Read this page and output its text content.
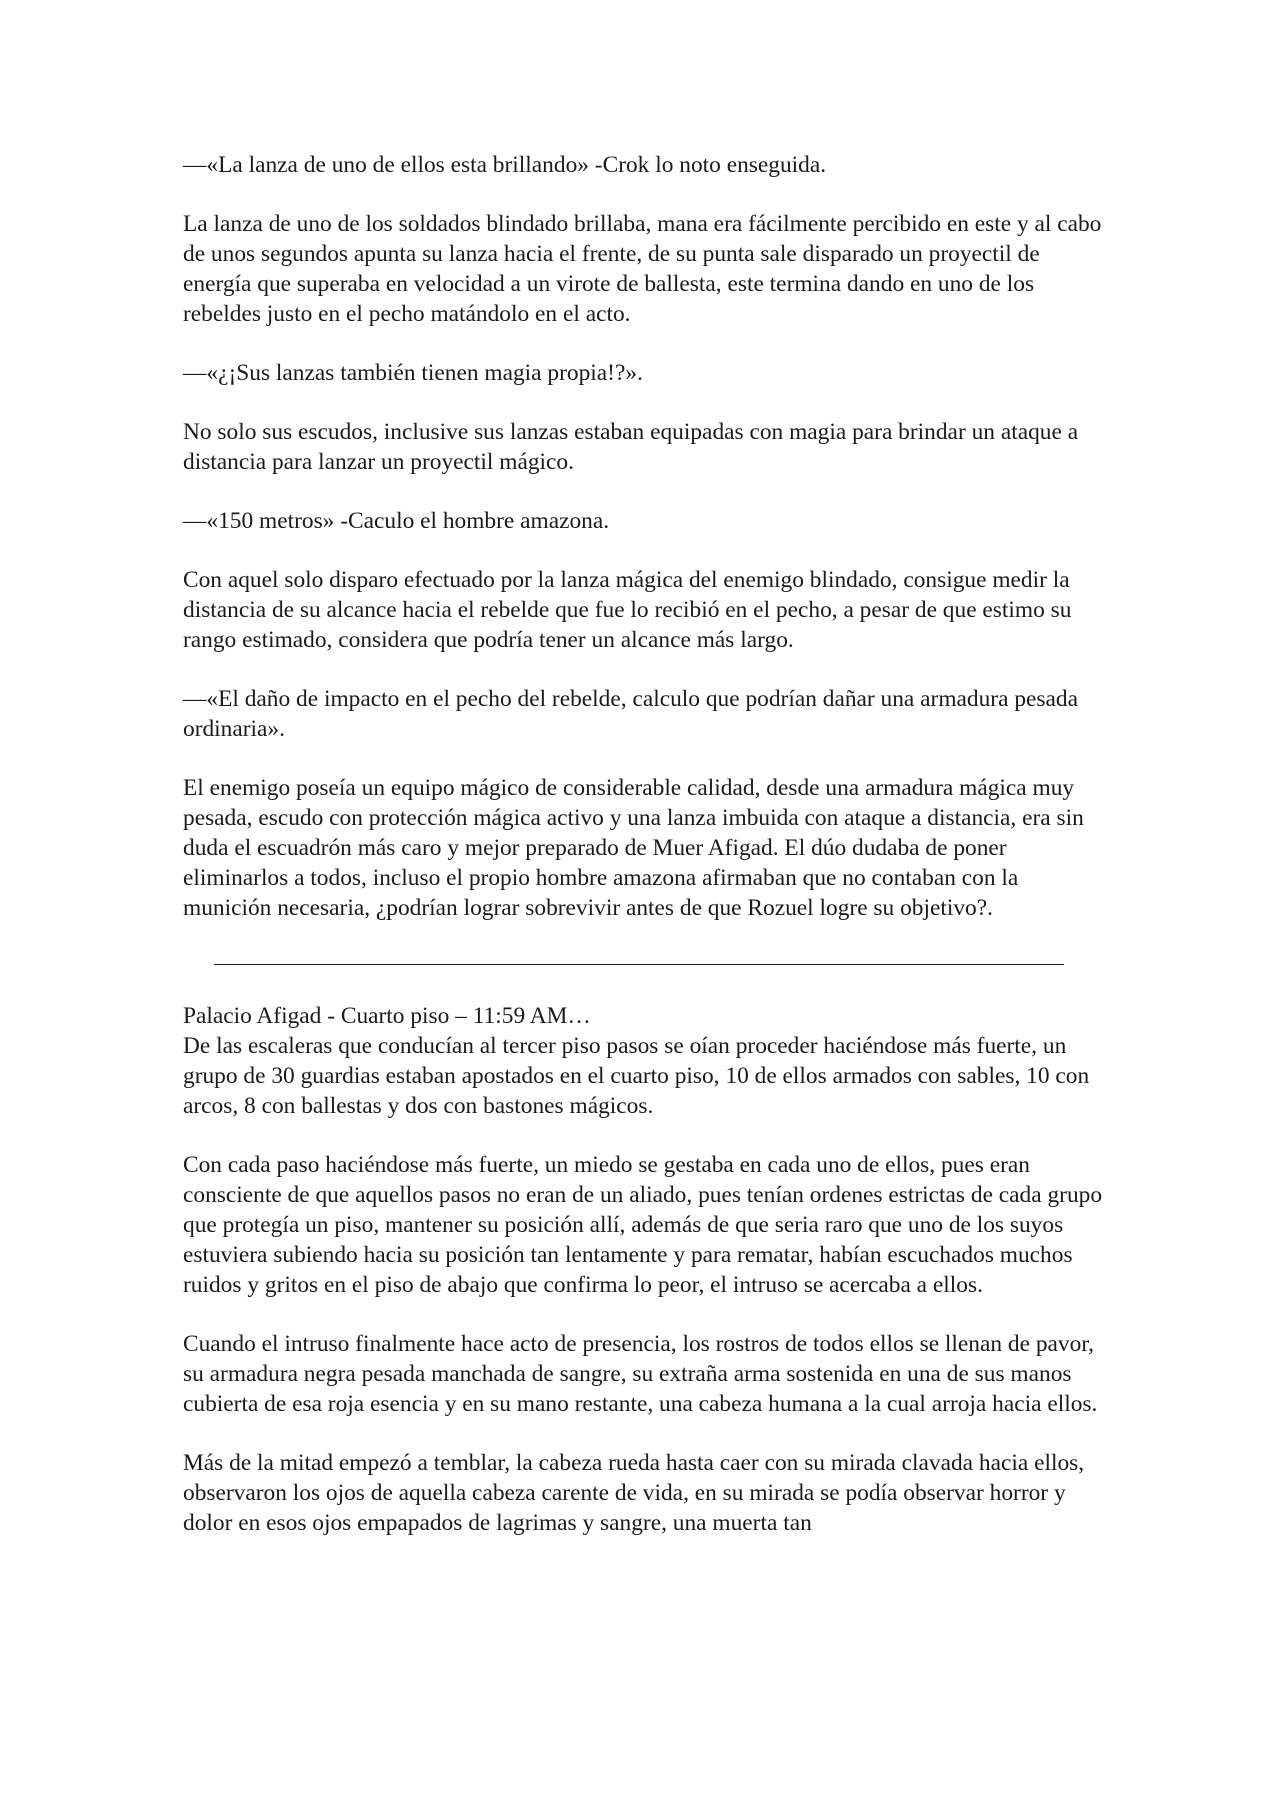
—«La lanza de uno de ellos esta brillando» -Crok lo noto enseguida.

La lanza de uno de los soldados blindado brillaba, mana era fácilmente percibido en este y al cabo de unos segundos apunta su lanza hacia el frente, de su punta sale disparado un proyectil de energía que superaba en velocidad a un virote de ballesta, este termina dando en uno de los rebeldes justo en el pecho matándolo en el acto.

—«¿¡Sus lanzas también tienen magia propia!?».

No solo sus escudos, inclusive sus lanzas estaban equipadas con magia para brindar un ataque a distancia para lanzar un proyectil mágico.

—«150 metros» -Caculo el hombre amazona.

Con aquel solo disparo efectuado por la lanza mágica del enemigo blindado, consigue medir la distancia de su alcance hacia el rebelde que fue lo recibió en el pecho, a pesar de que estimo su rango estimado, considera que podría tener un alcance más largo.

—«El daño de impacto en el pecho del rebelde, calculo que podrían dañar una armadura pesada ordinaria».

El enemigo poseía un equipo mágico de considerable calidad, desde una armadura mágica muy pesada, escudo con protección mágica activo y una lanza imbuida con ataque a distancia, era sin duda el escuadrón más caro y mejor preparado de Muer Afigad. El dúo dudaba de poner eliminarlos a todos, incluso el propio hombre amazona afirmaban que no contaban con la munición necesaria, ¿podrían lograr sobrevivir antes de que Rozuel logre su objetivo?.

Palacio Afigad - Cuarto piso – 11:59 AM…

De las escaleras que conducían al tercer piso pasos se oían proceder haciéndose más fuerte, un grupo de 30 guardias estaban apostados en el cuarto piso, 10 de ellos armados con sables, 10 con arcos, 8 con ballestas y dos con bastones mágicos.

Con cada paso haciéndose más fuerte, un miedo se gestaba en cada uno de ellos, pues eran consciente de que aquellos pasos no eran de un aliado, pues tenían ordenes estrictas de cada grupo que protegía un piso, mantener su posición allí, además de que seria raro que uno de los suyos estuviera subiendo hacia su posición tan lentamente y para rematar, habían escuchados muchos ruidos y gritos en el piso de abajo que confirma lo peor, el intruso se acercaba a ellos.

Cuando el intruso finalmente hace acto de presencia, los rostros de todos ellos se llenan de pavor, su armadura negra pesada manchada de sangre, su extraña arma sostenida en una de sus manos cubierta de esa roja esencia y en su mano restante, una cabeza humana a la cual arroja hacia ellos.

Más de la mitad empezó a temblar, la cabeza rueda hasta caer con su mirada clavada hacia ellos, observaron los ojos de aquella cabeza carente de vida, en su mirada se podía observar horror y dolor en esos ojos empapados de lagrimas y sangre, una muerta tan
